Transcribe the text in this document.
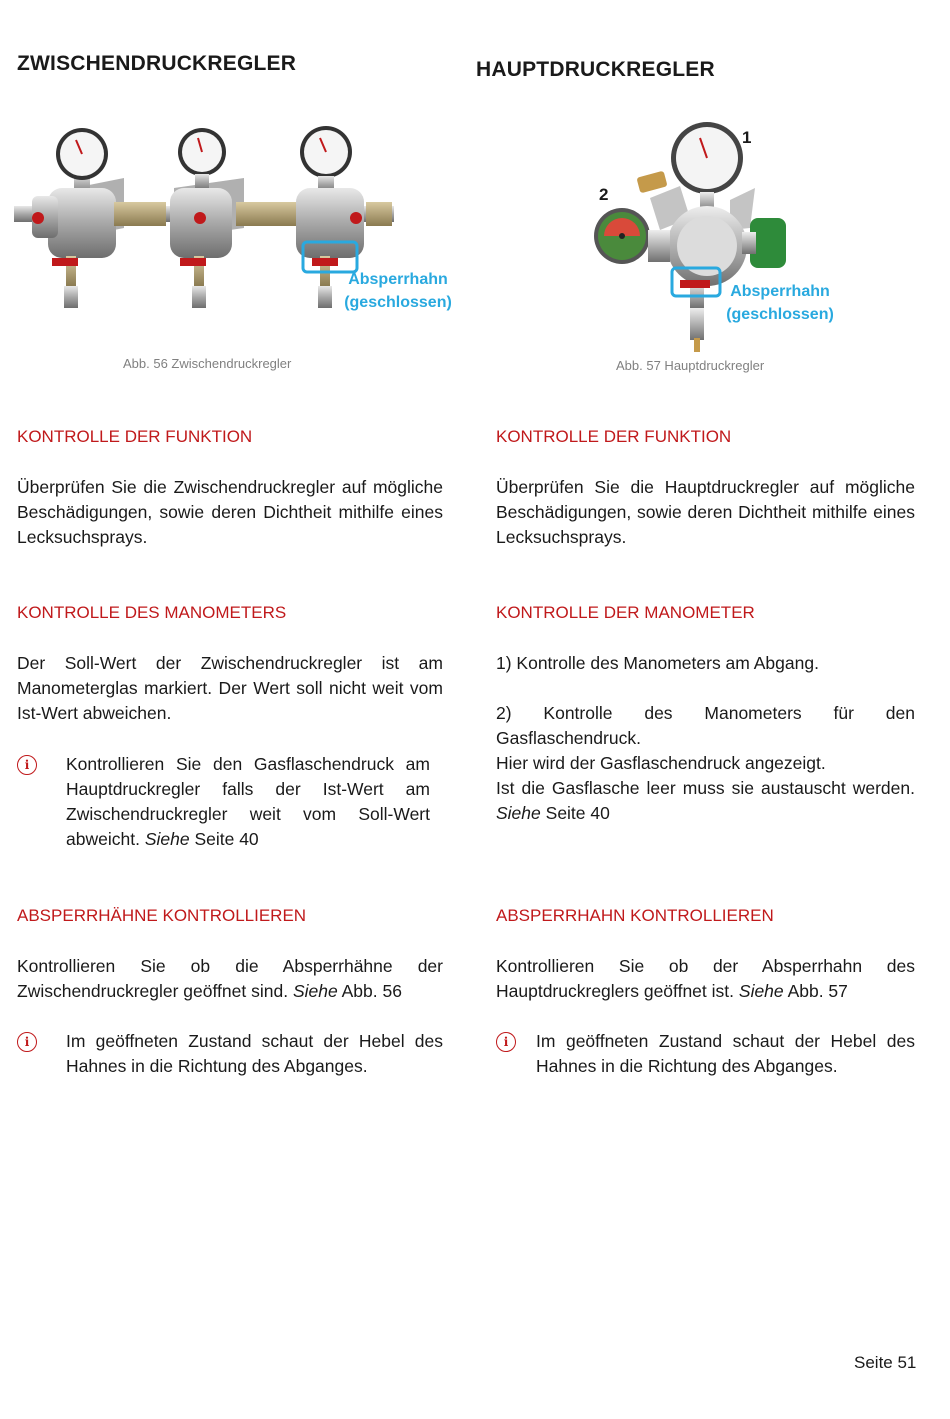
ZWISCHENDRUCKREGLER
Absperrhahn
(geschlossen)
Abb. 56 Zwischendruckregler
KONTROLLE DER FUNKTION
Überprüfen Sie die Zwischendruckregler auf mögliche Beschädigungen, sowie deren Dichtheit mithilfe eines Lecksuchsprays.
KONTROLLE DES MANOMETERS
Der Soll-Wert der Zwischendruckregler ist am Manometerglas markiert. Der Wert soll nicht weit vom Ist-Wert abweichen.
i	Kontrollieren Sie den Gasflaschendruck am Hauptdruckregler falls der Ist-Wert am Zwischendruckregler weit vom Soll-Wert abweicht. Siehe Seite 40
ABSPERRHÄHNE KONTROLLIEREN
Kontrollieren Sie ob die Absperrhähne der Zwischendruckregler geöffnet sind. Siehe Abb. 56
i	Im geöffneten Zustand schaut der Hebel des Hahnes in die Richtung des Abganges.
HAUPTDRUCKREGLER
1
2
Absperrhahn
(geschlossen)
Abb. 57 Hauptdruckregler
KONTROLLE DER FUNKTION
Überprüfen Sie die Hauptdruckregler auf mögliche Beschädigungen, sowie deren Dichtheit mithilfe eines Lecksuchsprays.
KONTROLLE DER MANOMETER

1) Kontrolle des Manometers am Abgang.

2) Kontrolle des Manometers für den Gasflaschendruck.

Hier wird der Gasflaschendruck angezeigt.

Ist die Gasflasche leer muss sie austauscht werden. Siehe Seite 40

ABSPERRHAHN KONTROLLIEREN
Kontrollieren Sie ob der Absperrhahn des Hauptdruckreglers geöffnet ist. Siehe Abb. 57
i	Im geöffneten Zustand schaut der Hebel des Hahnes in die Richtung des Abganges.
Seite 51
